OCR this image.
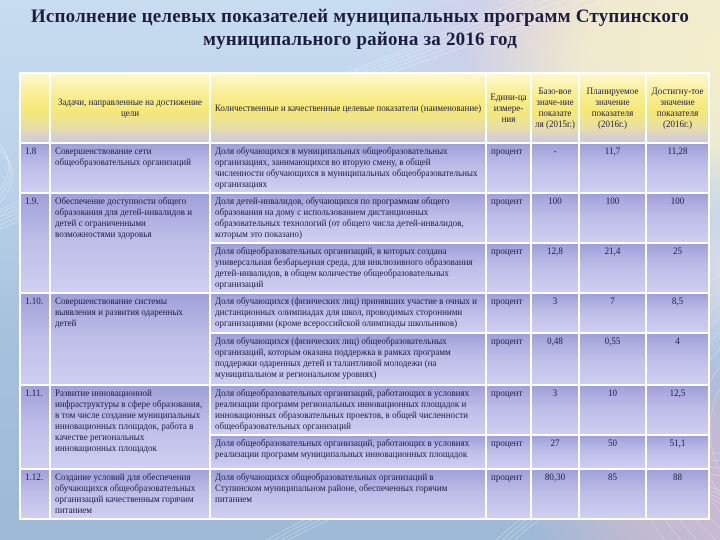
Исполнение целевых показателей муниципальных программ Ступинского муниципального района за 2016 год
	Задачи, направленные на достижение цели	Количественные и качественные целевые показатели (наименование)	Едини-ца измере-ния	Базо-вое значе-ние показате ля (2015г.)	Планируемое значение показателя (2016г.)	Достигну-тое значение показателя (2016г.)
1.8	Совершенствование сети общеобразовательных организаций	Доля обучающихся в муниципальных общеобразовательных организациях, занимающихся во вторую смену, в общей численности обучающихся в муниципальных общеобразовательных организациях	процент	-	11,7	11,28
1.9.	Обеспечение доступности общего образования для детей-инвалидов и детей с ограниченными возможностями здоровья	Доля детей-инвалидов, обучающихся по программам общего образования на дому с использованием дистанционных образовательных технологий (от общего числа детей-инвалидов, которым это показано)	процент	100	100	100
		Доля общеобразовательных организаций, в которых создана универсальная безбарьерная среда, для инклюзивного образования детей-инвалидов, в общем количестве общеобразовательных организаций	процент	12,8	21,4	25
1.10.	Совершенствование системы выявления и развития одаренных детей	Доля обучающихся (физических лиц) принявших участие в очных и дистанционных олимпиадах для школ, проводимых сторонними организациями (кроме всероссийской олимпиады школьников)	процент	3	7	8,5
		Доля обучающихся (физических лиц) общеобразовательных организаций, которым оказана поддержка в рамках программ поддержки одаренных детей и талантливой молодежи (на муниципальном и региональном уровнях)	процент	0,48	0,55	4
1.11.	Развитие инновационной инфраструктуры в сфере образования, в том числе создание муниципальных инновационных площадок, работа в качестве региональных инновационных площадок	Доля общеобразовательных организаций, работающих в условиях реализации программ региональных инновационных площадок и инновационных образовательных проектов, в общей численности общеобразовательных организаций	процент	3	10	12,5
		Доля общеобразовательных организаций, работающих в условиях реализации программ муниципальных инновационных площадок	процент	27	50	51,1
1.12.	Создание условий для обеспечения обучающихся общеобразовательных организаций качественным горячим питанием	Доля обучающихся общеобразовательных организаций в Ступинском муниципальном районе, обеспеченных горячим питанием	процент	80,30	85	88
